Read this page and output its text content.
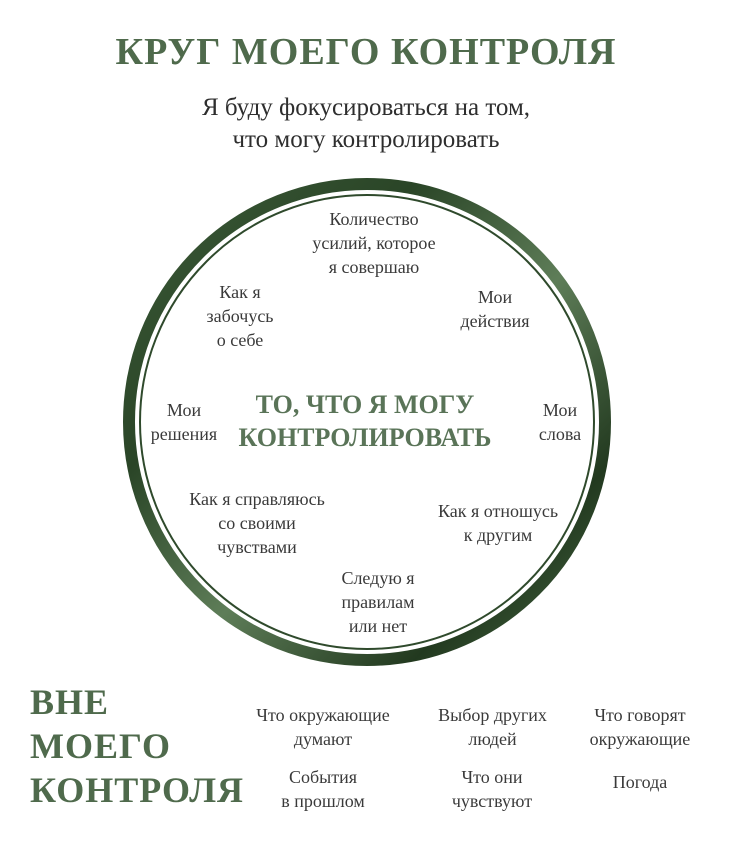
КРУГ МОЕГО КОНТРОЛЯ
Я буду фокусироваться на том,
что могу контролировать
Количество
усилий, которое
я совершаю
Мои
действия
Мои
слова
Как я отношусь
к другим
Следую я
правилам
или нет
Как я справляюсь
со своими
чувствами
Мои
решения
Как я
забочусь
о себе
ТО, ЧТО Я МОГУ
КОНТРОЛИРОВАТЬ
ВНЕ
МОЕГО
КОНТРОЛЯ
Что окружающие
думают
Выбор других
людей
Что говорят
окружающие
События
в прошлом
Что они
чувствуют
Погода
